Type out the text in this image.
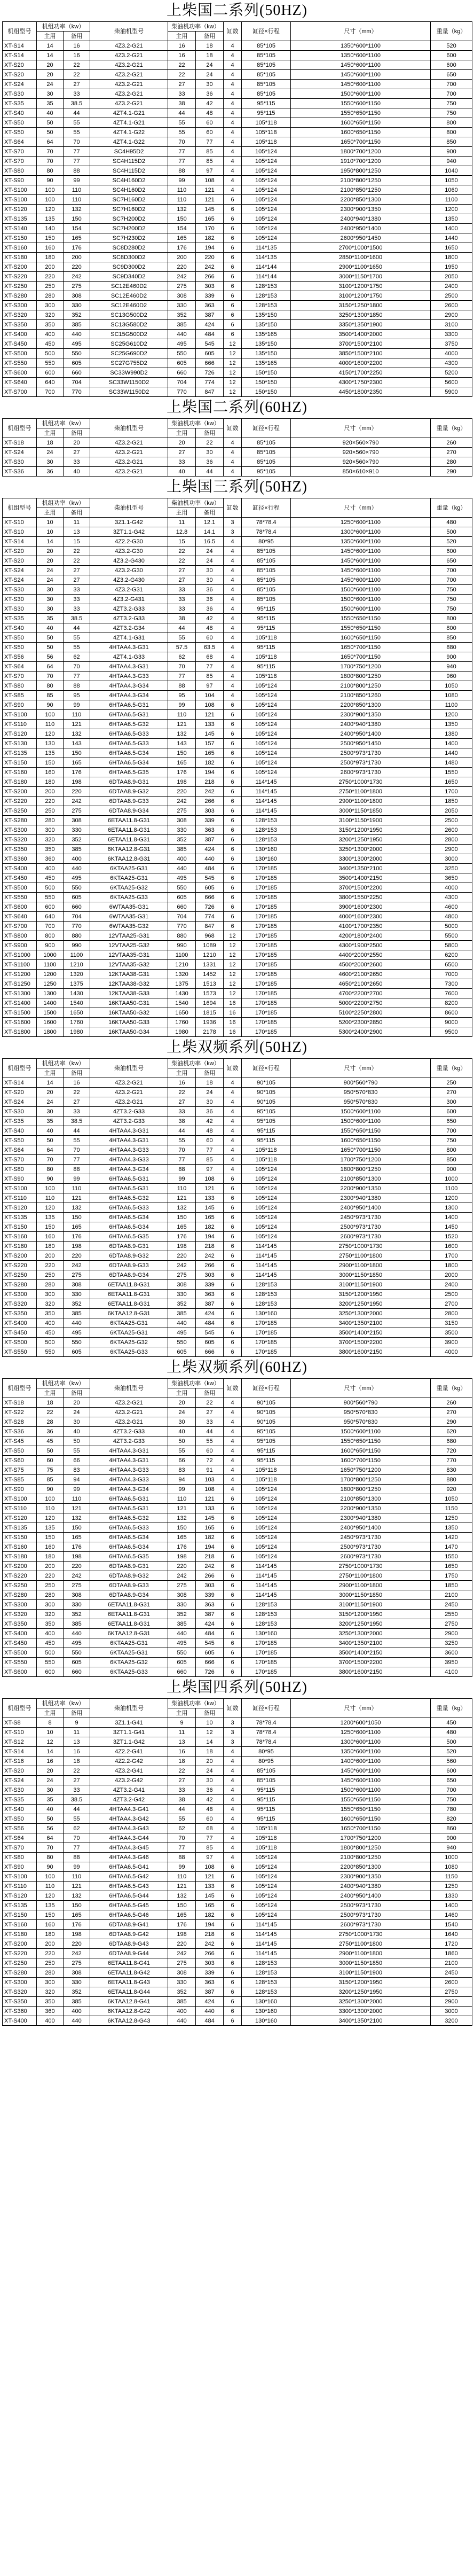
上柴国二系列(50HZ)
机组型号	机组功率（kw）		柴油机型号	柴油机功率（kw）		缸数	缸径×行程	尺寸（mm）	重量（kg）
	主用	备用		主用	备用				
XT-S14	14	16	4Z3.2-G21	16	18	4	85*105	1350*600*1100	520
XT-S14	14	16	4Z3.2-G21	16	18	4	85*105	1350*600*1100	600
XT-S20	20	22	4Z3.2-G21	22	24	4	85*105	1450*600*1100	600
XT-S20	20	22	4Z3.2-G21	22	24	4	85*105	1450*600*1100	650
XT-S24	24	27	4Z3.2-G21	27	30	4	85*105	1450*600*1100	700
XT-S30	30	33	4Z3.2-G21	33	36	4	85*105	1500*600*1100	700
XT-S35	35	38.5	4Z3.2-G21	38	42	4	95*115	1550*600*1150	750
XT-S40	40	44	4ZT4.1-G21	44	48	4	95*115	1550*650*1150	750
XT-S50	50	55	4ZT4.1-G21	55	60	4	105*118	1600*650*1150	800
XT-S50	50	55	4ZT4.1-G22	55	60	4	105*118	1600*650*1150	800
XT-S64	64	70	4ZT4.1-G22	70	77	4	105*118	1650*700*1150	850
XT-S70	70	77	SC4H95D2	77	85	4	105*124	1800*700*1200	900
XT-S70	70	77	SC4H115D2	77	85	4	105*124	1910*700*1200	940
XT-S80	80	88	SC4H115D2	88	97	4	105*124	1950*800*1250	1040
XT-S90	90	99	SC4H160D2	99	108	4	105*124	2100*800*1250	1050
XT-S100	100	110	SC4H160D2	110	121	4	105*124	2100*850*1250	1060
XT-S100	100	110	SC7H160D2	110	121	6	105*124	2200*850*1300	1100
XT-S120	120	132	SC7H160D2	132	145	6	105*124	2300*900*1350	1200
XT-S135	135	150	SC7H200D2	150	165	6	105*124	2400*940*1380	1350
XT-S140	140	154	SC7H200D2	154	170	6	105*124	2400*950*1400	1400
XT-S150	150	165	SC7H230D2	165	182	6	105*124	2600*950*1450	1440
XT-S160	160	176	SC8D280D2	176	194	6	114*135	2700*1000*1500	1650
XT-S180	180	200	SC8D300D2	200	220	6	114*135	2850*1100*1600	1800
XT-S200	200	220	SC9D300D2	220	242	6	114*144	2900*1100*1650	1950
XT-S220	220	242	SC9D340D2	242	266	6	114*144	3000*1150*1700	2050
XT-S250	250	275	SC12E460D2	275	303	6	128*153	3100*1200*1750	2400
XT-S280	280	308	SC12E460D2	308	339	6	128*153	3100*1200*1750	2500
XT-S300	300	330	SC12E460D2	330	363	6	128*153	3150*1250*1800	2600
XT-S320	320	352	SC13G500D2	352	387	6	135*150	3250*1300*1850	2900
XT-S350	350	385	SC13G580D2	385	424	6	135*150	3350*1350*1900	3100
XT-S400	400	440	SC15G500D2	440	484	6	135*165	3500*1400*2000	3300
XT-S450	450	495	SC25G610D2	495	545	12	135*150	3700*1500*2100	3750
XT-S500	500	550	SC25G690D2	550	605	12	135*150	3850*1500*2100	4000
XT-S550	550	605	SC27G755D2	605	666	12	135*165	4000*1600*2200	4300
XT-S600	600	660	SC33W990D2	660	726	12	150*150	4150*1700*2250	5200
XT-S640	640	704	SC33W1150D2	704	774	12	150*150	4300*1750*2300	5600
XT-S700	700	770	SC33W1150D2	770	847	12	150*150	4450*1800*2350	5900
上柴国二系列(60HZ)
机组型号	机组功率（kw）		柴油机型号	柴油机功率（kw）		缸数	缸径×行程	尺寸（mm）	重量（kg）
	主用	备用		主用	备用				
XT-S18	18	20	4Z3.2-G21	20	22	4	85*105	920×560×790	260
XT-S24	24	27	4Z3.2-G21	27	30	4	85*105	920×560×790	270
XT-S30	30	33	4Z3.2-G21	33	36	4	85*105	920×560×790	280
XT-S36	36	40	4Z3.2-G21	40	44	4	95*105	850×610×910	290
上柴国三系列(50HZ)
机组型号	机组功率（kw）		柴油机型号	柴油机功率（kw）		缸数	缸径×行程	尺寸（mm）	重量（kg）
	主用	备用		主用	备用				
XT-S10	10	11	3Z1.1-G42	11	12.1	3	78*78.4	1250*600*1100	480
XT-S10	10	13	3ZT1.1-G42	12.8	14.1	3	78*78.4	1300*600*1100	500
XT-S14	14	15	4Z2.2-G30	15	16.5	4	80*95	1350*600*1100	520
XT-S20	20	22	4Z3.2-G30	22	24	4	85*105	1450*600*1100	600
XT-S20	20	22	4Z3.2-G430	22	24	4	85*105	1450*600*1100	650
XT-S24	24	27	4Z3.2-G30	27	30	4	85*105	1450*600*1100	700
XT-S24	24	27	4Z3.2-G430	27	30	4	85*105	1450*600*1100	700
XT-S30	30	33	4Z3.2-G31	33	36	4	85*105	1500*600*1100	750
XT-S30	30	33	4Z3.2-G431	33	36	4	85*105	1500*600*1100	750
XT-S30	30	33	4ZT3.2-G33	33	36	4	95*115	1500*600*1100	750
XT-S35	35	38.5	4ZT3.2-G33	38	42	4	95*115	1550*650*1150	800
XT-S40	40	44	4ZT3.2-G34	44	48	4	95*115	1550*650*1150	800
XT-S50	50	55	4ZT4.1-G31	55	60	4	105*118	1600*650*1150	850
XT-S50	50	55	4HTAA4.3-G31	57.5	63.5	4	95*115	1650*700*1150	880
XT-S56	56	62	4ZT4.1-G33	62	68	4	105*118	1650*700*1150	900
XT-S64	64	70	4HTAA4.3-G31	70	77	4	95*115	1700*750*1200	940
XT-S70	70	77	4HTAA4.3-G33	77	85	4	105*118	1800*800*1250	960
XT-S80	80	88	4HTAA4.3-G34	88	97	4	105*124	2100*800*1250	1050
XT-S85	85	95	4HTAA4.3-G34	95	104	4	105*124	2100*850*1260	1080
XT-S90	90	99	6HTAA6.5-G31	99	108	6	105*124	2200*850*1300	1100
XT-S100	100	110	6HTAA6.5-G31	110	121	6	105*124	2300*900*1350	1200
XT-S110	110	121	6HTAA6.5-G32	121	133	6	105*124	2400*940*1380	1350
XT-S120	120	132	6HTAA6.5-G33	132	145	6	105*124	2400*950*1400	1380
XT-S130	130	143	6HTAA6.5-G33	143	157	6	105*124	2500*950*1450	1400
XT-S135	135	150	6HTAA6.5-G34	150	165	6	105*124	2500*973*1730	1440
XT-S150	150	165	6HTAA6.5-G34	165	182	6	105*124	2500*973*1730	1480
XT-S160	160	176	6HTAA6.5-G35	176	194	6	105*124	2600*973*1730	1550
XT-S180	180	198	6DTAA8.9-G31	198	218	6	114*145	2750*1000*1730	1650
XT-S200	200	220	6DTAA8.9-G32	220	242	6	114*145	2750*1100*1800	1700
XT-S220	220	242	6DTAA8.9-G33	242	266	6	114*145	2900*1100*1800	1850
XT-S250	250	275	6DTAA8.9-G34	275	303	6	114*145	3000*1150*1850	2050
XT-S280	280	308	6ETAA11.8-G31	308	339	6	128*153	3100*1150*1900	2500
XT-S300	300	330	6ETAA11.8-G31	330	363	6	128*153	3150*1200*1950	2600
XT-S320	320	352	6ETAA11.8-G31	352	387	6	128*153	3200*1250*1950	2800
XT-S350	350	385	6KTAA12.8-G31	385	424	6	130*160	3250*1300*2000	2900
XT-S360	360	400	6KTAA12.8-G31	400	440	6	130*160	3300*1300*2000	3000
XT-S400	400	440	6KTAA25-G31	440	484	6	170*185	3400*1350*2100	3250
XT-S450	450	495	6KTAA25-G31	495	545	6	170*185	3500*1400*2150	3650
XT-S500	500	550	6KTAA25-G32	550	605	6	170*185	3700*1500*2200	4000
XT-S550	550	605	6KTAA25-G33	605	666	6	170*185	3800*1550*2250	4300
XT-S600	600	660	6WTAA35-G31	660	726	6	170*185	3900*1600*2300	4600
XT-S640	640	704	6WTAA35-G31	704	774	6	170*185	4000*1600*2300	4800
XT-S700	700	770	6WTAA35-G32	770	847	6	170*185	4100*1700*2350	5000
XT-S800	800	880	12VTAA25-G31	880	968	12	170*185	4200*1800*2400	5500
XT-S900	900	990	12VTAA25-G32	990	1089	12	170*185	4300*1900*2500	5800
XT-S1000	1000	1100	12VTAA35-G31	1100	1210	12	170*185	4400*2000*2550	6200
XT-S1100	1100	1210	12VTAA35-G32	1210	1331	12	170*185	4500*2000*2600	6500
XT-S1200	1200	1320	12KTAA38-G31	1320	1452	12	170*185	4600*2100*2650	7000
XT-S1250	1250	1375	12KTAA38-G32	1375	1513	12	170*185	4650*2100*2650	7300
XT-S1300	1300	1430	12KTAA38-G33	1430	1573	12	170*185	4700*2200*2700	7600
XT-S1400	1400	1540	16KTAA50-G31	1540	1694	16	170*185	5000*2200*2750	8200
XT-S1500	1500	1650	16KTAA50-G32	1650	1815	16	170*185	5100*2250*2800	8600
XT-S1600	1600	1760	16KTAA50-G33	1760	1936	16	170*185	5200*2300*2850	9000
XT-S1800	1800	1980	16KTAA50-G34	1980	2178	16	170*185	5300*2400*2900	9500
上柴双频系列(50HZ)
机组型号	机组功率（kw）		柴油机型号	柴油机功率（kw）		缸数	缸径×行程	尺寸（mm）	重量（kg）
	主用	备用		主用	备用				
XT-S14	14	16	4Z3.2-G21	16	18	4	90*105	900*560*790	250
XT-S20	20	22	4Z3.2-G21	22	24	4	90*105	950*570*830	270
XT-S24	24	27	4Z3.2-G21	27	30	4	90*105	950*570*830	300
XT-S30	30	33	4ZT3.2-G33	33	36	4	95*105	1500*600*1100	600
XT-S35	35	38.5	4ZT3.2-G33	38	42	4	95*105	1500*600*1100	650
XT-S40	40	44	4HTAA4.3-G31	44	48	4	95*115	1550*650*1150	700
XT-S50	50	55	4HTAA4.3-G31	55	60	4	95*115	1600*650*1150	750
XT-S64	64	70	4HTAA4.3-G33	70	77	4	105*118	1650*700*1150	800
XT-S70	70	77	4HTAA4.3-G33	77	85	4	105*118	1700*750*1200	850
XT-S80	80	88	4HTAA4.3-G34	88	97	4	105*124	1800*800*1250	900
XT-S90	90	99	6HTAA6.5-G31	99	108	6	105*124	2100*850*1300	1000
XT-S100	100	110	6HTAA6.5-G31	110	121	6	105*124	2200*900*1350	1100
XT-S110	110	121	6HTAA6.5-G32	121	133	6	105*124	2300*940*1380	1200
XT-S120	120	132	6HTAA6.5-G33	132	145	6	105*124	2400*950*1400	1300
XT-S135	135	150	6HTAA6.5-G34	150	165	6	105*124	2450*973*1730	1400
XT-S150	150	165	6HTAA6.5-G34	165	182	6	105*124	2500*973*1730	1450
XT-S160	160	176	6HTAA6.5-G35	176	194	6	105*124	2600*973*1730	1520
XT-S180	180	198	6DTAA8.9-G31	198	218	6	114*145	2750*1000*1730	1600
XT-S200	200	220	6DTAA8.9-G32	220	242	6	114*145	2750*1100*1800	1700
XT-S220	220	242	6DTAA8.9-G33	242	266	6	114*145	2900*1100*1800	1800
XT-S250	250	275	6DTAA8.9-G34	275	303	6	114*145	3000*1150*1850	2000
XT-S280	280	308	6ETAA11.8-G31	308	339	6	128*153	3100*1150*1900	2400
XT-S300	300	330	6ETAA11.8-G31	330	363	6	128*153	3150*1200*1950	2500
XT-S320	320	352	6ETAA11.8-G31	352	387	6	128*153	3200*1250*1950	2700
XT-S350	350	385	6KTAA12.8-G31	385	424	6	130*160	3250*1300*2000	2800
XT-S400	400	440	6KTAA25-G31	440	484	6	170*185	3400*1350*2100	3150
XT-S450	450	495	6KTAA25-G31	495	545	6	170*185	3500*1400*2150	3500
XT-S500	500	550	6KTAA25-G32	550	605	6	170*185	3700*1500*2200	3900
XT-S550	550	605	6KTAA25-G33	605	666	6	170*185	3800*1600*2150	4000
上柴双频系列(60HZ)
机组型号	机组功率（kw）		柴油机型号	柴油机功率（kw）		缸数	缸径×行程	尺寸（mm）	重量（kg）
	主用	备用		主用	备用				
XT-S18	18	20	4Z3.2-G21	20	22	4	90*105	900*560*790	260
XT-S22	22	24	4Z3.2-G21	24	27	4	90*105	950*570*830	270
XT-S28	28	30	4Z3.2-G21	30	33	4	90*105	950*570*830	290
XT-S36	36	40	4ZT3.2-G33	40	44	4	95*105	1500*600*1100	620
XT-S45	45	50	4ZT3.2-G33	50	55	4	95*105	1550*650*1150	680
XT-S50	50	55	4HTAA4.3-G31	55	60	4	95*115	1600*650*1150	720
XT-S60	60	66	4HTAA4.3-G31	66	72	4	95*115	1600*700*1150	770
XT-S75	75	83	4HTAA4.3-G33	83	91	4	105*118	1650*750*1200	830
XT-S85	85	94	4HTAA4.3-G33	94	103	4	105*118	1700*800*1250	880
XT-S90	90	99	4HTAA4.3-G34	99	108	4	105*124	1800*800*1250	920
XT-S100	100	110	6HTAA6.5-G31	110	121	6	105*124	2100*850*1300	1050
XT-S110	110	121	6HTAA6.5-G31	121	133	6	105*124	2200*900*1350	1150
XT-S120	120	132	6HTAA6.5-G32	132	145	6	105*124	2300*940*1380	1250
XT-S135	135	150	6HTAA6.5-G33	150	165	6	105*124	2400*950*1400	1350
XT-S150	150	165	6HTAA6.5-G34	165	182	6	105*124	2450*973*1730	1420
XT-S160	160	176	6HTAA6.5-G34	176	194	6	105*124	2500*973*1730	1470
XT-S180	180	198	6HTAA6.5-G35	198	218	6	105*124	2600*973*1730	1550
XT-S200	200	220	6DTAA8.9-G31	220	242	6	114*145	2750*1000*1730	1650
XT-S220	220	242	6DTAA8.9-G32	242	266	6	114*145	2750*1100*1800	1750
XT-S250	250	275	6DTAA8.9-G33	275	303	6	114*145	2900*1100*1800	1850
XT-S280	280	308	6DTAA8.9-G34	308	339	6	114*145	3000*1150*1850	2100
XT-S300	300	330	6ETAA11.8-G31	330	363	6	128*153	3100*1150*1900	2450
XT-S320	320	352	6ETAA11.8-G31	352	387	6	128*153	3150*1200*1950	2550
XT-S350	350	385	6ETAA11.8-G31	385	424	6	128*153	3200*1250*1950	2750
XT-S400	400	440	6KTAA12.8-G31	440	484	6	130*160	3250*1300*2000	2900
XT-S450	450	495	6KTAA25-G31	495	545	6	170*185	3400*1350*2100	3250
XT-S500	500	550	6KTAA25-G31	550	605	6	170*185	3500*1400*2150	3600
XT-S550	550	605	6KTAA25-G32	605	666	6	170*185	3700*1500*2200	3950
XT-S600	600	660	6KTAA25-G33	660	726	6	170*185	3800*1600*2150	4100
上柴国四系列(50HZ)
机组型号	机组功率（kw）		柴油机型号	柴油机功率（kw）		缸数	缸径×行程	尺寸（mm）	重量（kg）
	主用	备用		主用	备用				
XT-S8	8	9	3Z1.1-G41	9	10	3	78*78.4	1200*600*1050	450
XT-S10	10	11	3ZT1.1-G41	11	12	3	78*78.4	1250*600*1100	480
XT-S12	12	13	3ZT1.1-G42	13	14	3	78*78.4	1300*600*1100	500
XT-S14	14	16	4Z2.2-G41	16	18	4	80*95	1350*600*1100	520
XT-S16	16	18	4Z2.2-G42	18	20	4	80*95	1400*600*1100	560
XT-S20	20	22	4Z3.2-G41	22	24	4	85*105	1450*600*1100	600
XT-S24	24	27	4Z3.2-G42	27	30	4	85*105	1450*600*1100	650
XT-S30	30	33	4ZT3.2-G41	33	36	4	95*115	1500*600*1100	700
XT-S35	35	38.5	4ZT3.2-G42	38	42	4	95*115	1550*650*1150	750
XT-S40	40	44	4HTAA4.3-G41	44	48	4	95*115	1550*650*1150	780
XT-S50	50	55	4HTAA4.3-G42	55	60	4	95*115	1600*650*1150	820
XT-S56	56	62	4HTAA4.3-G43	62	68	4	105*118	1650*700*1150	860
XT-S64	64	70	4HTAA4.3-G44	70	77	4	105*118	1700*750*1200	900
XT-S70	70	77	4HTAA4.3-G45	77	85	4	105*118	1800*800*1250	940
XT-S80	80	88	4HTAA4.3-G46	88	97	4	105*124	2100*800*1250	1000
XT-S90	90	99	6HTAA6.5-G41	99	108	6	105*124	2200*850*1300	1080
XT-S100	100	110	6HTAA6.5-G42	110	121	6	105*124	2300*900*1350	1150
XT-S110	110	121	6HTAA6.5-G43	121	133	6	105*124	2400*940*1380	1250
XT-S120	120	132	6HTAA6.5-G44	132	145	6	105*124	2400*950*1400	1330
XT-S135	135	150	6HTAA6.5-G45	150	165	6	105*124	2500*973*1730	1400
XT-S150	150	165	6HTAA6.5-G46	165	182	6	105*124	2500*973*1730	1460
XT-S160	160	176	6DTAA8.9-G41	176	194	6	114*145	2600*973*1730	1540
XT-S180	180	198	6DTAA8.9-G42	198	218	6	114*145	2750*1000*1730	1640
XT-S200	200	220	6DTAA8.9-G43	220	242	6	114*145	2750*1100*1800	1720
XT-S220	220	242	6DTAA8.9-G44	242	266	6	114*145	2900*1100*1800	1860
XT-S250	250	275	6ETAA11.8-G41	275	303	6	128*153	3000*1150*1850	2100
XT-S280	280	308	6ETAA11.8-G42	308	339	6	128*153	3100*1150*1900	2450
XT-S300	300	330	6ETAA11.8-G43	330	363	6	128*153	3150*1200*1950	2600
XT-S320	320	352	6ETAA11.8-G44	352	387	6	128*153	3200*1250*1950	2750
XT-S350	350	385	6KTAA12.8-G41	385	424	6	130*160	3250*1300*2000	2900
XT-S360	360	400	6KTAA12.8-G42	400	440	6	130*160	3300*1300*2000	3000
XT-S400	400	440	6KTAA12.8-G43	440	484	6	130*160	3400*1350*2100	3200
